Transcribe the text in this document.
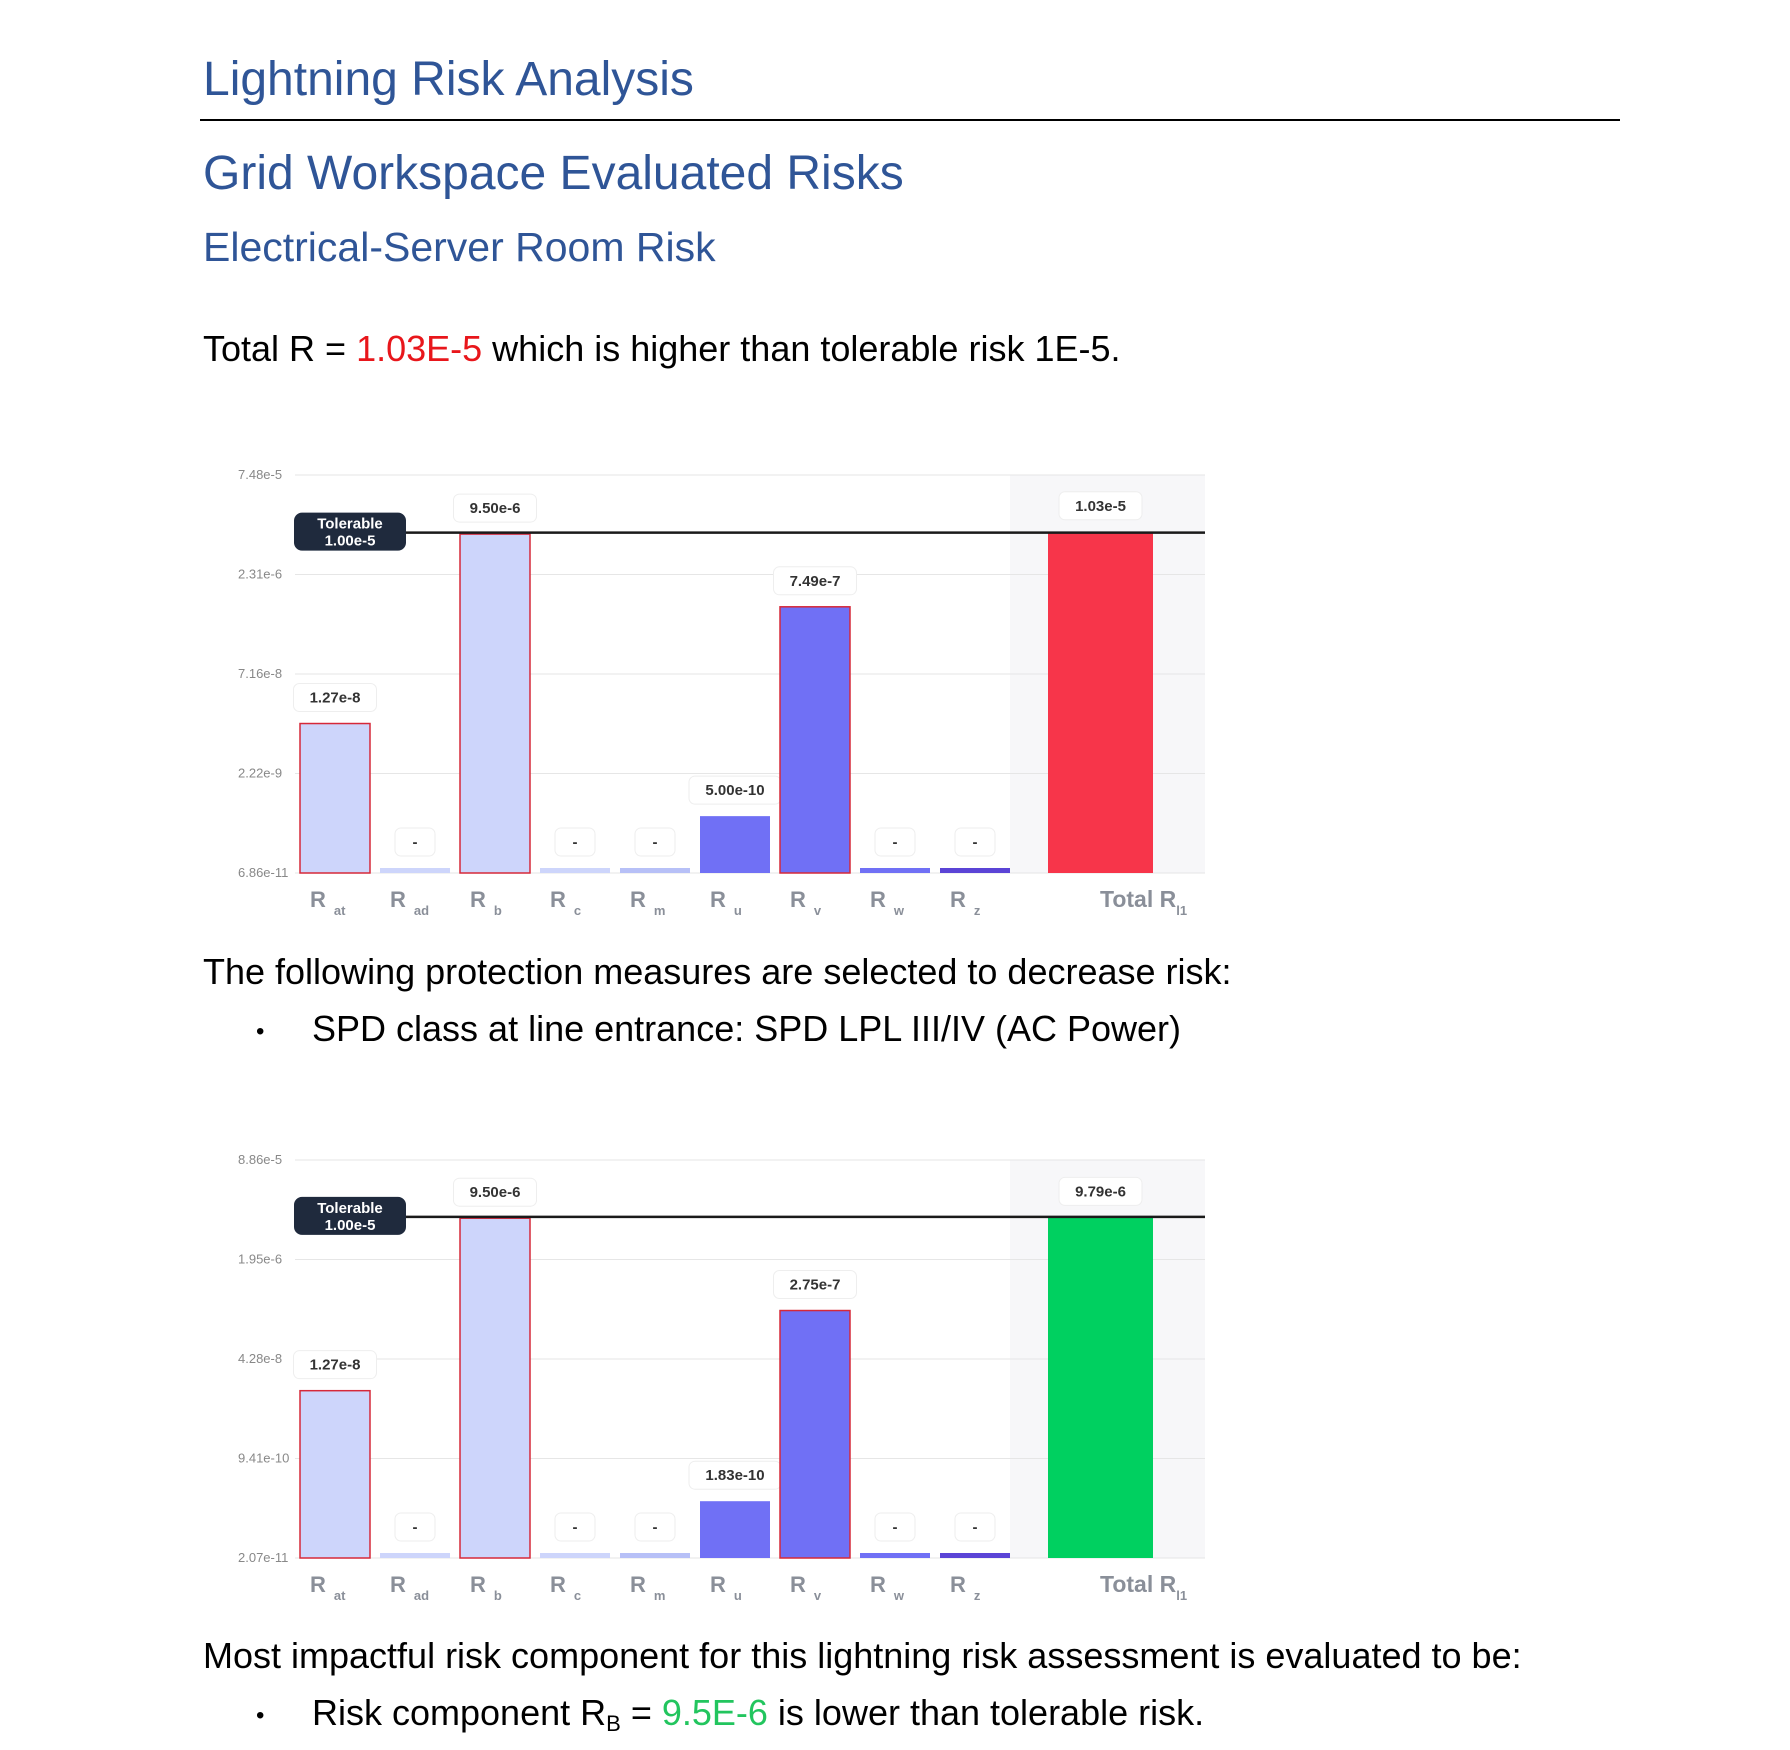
Lightning Risk Analysis
Grid Workspace Evaluated Risks
Electrical-Server Room Risk

Total R = 1.03E-5 which is higher than tolerable risk 1E-5.

7.48e-5
2.31e-6
7.16e-8
2.22e-9
6.86e-11
1.27e-8
R $_{at}$
-
R $_{ad}$
9.50e-6
R $_b$
-
R $_c$
-
R $_m$
5.00e-10
R $_u$
7.49e-7
R $_v$
-
R $_w$
-
R $_z$
1.03e-5
Total $R_{l1}$
Tolerable
1.00e-5

The following protection measures are selected to decrease risk:

• SPD class at line entrance: SPD LPL III/IV (AC Power)
8.86e-5
1.95e-6
4.28e-8
9.41e-10
2.07e-11
1.27e-8
R $_{at}$
-
R $_{ad}$
9.50e-6
R $_b$
-
R $_c$
-
R $_m$
1.83e-10
R $_u$
2.75e-7
R $_v$
-
R $_w$
-
R $_z$
9.79e-6
Total $R_{l1}$
Tolerable
1.00e-5

Most impactful risk component for this lightning risk assessment is evaluated to be:

• Risk component RB = 9.5E-6 is lower than tolerable risk.
